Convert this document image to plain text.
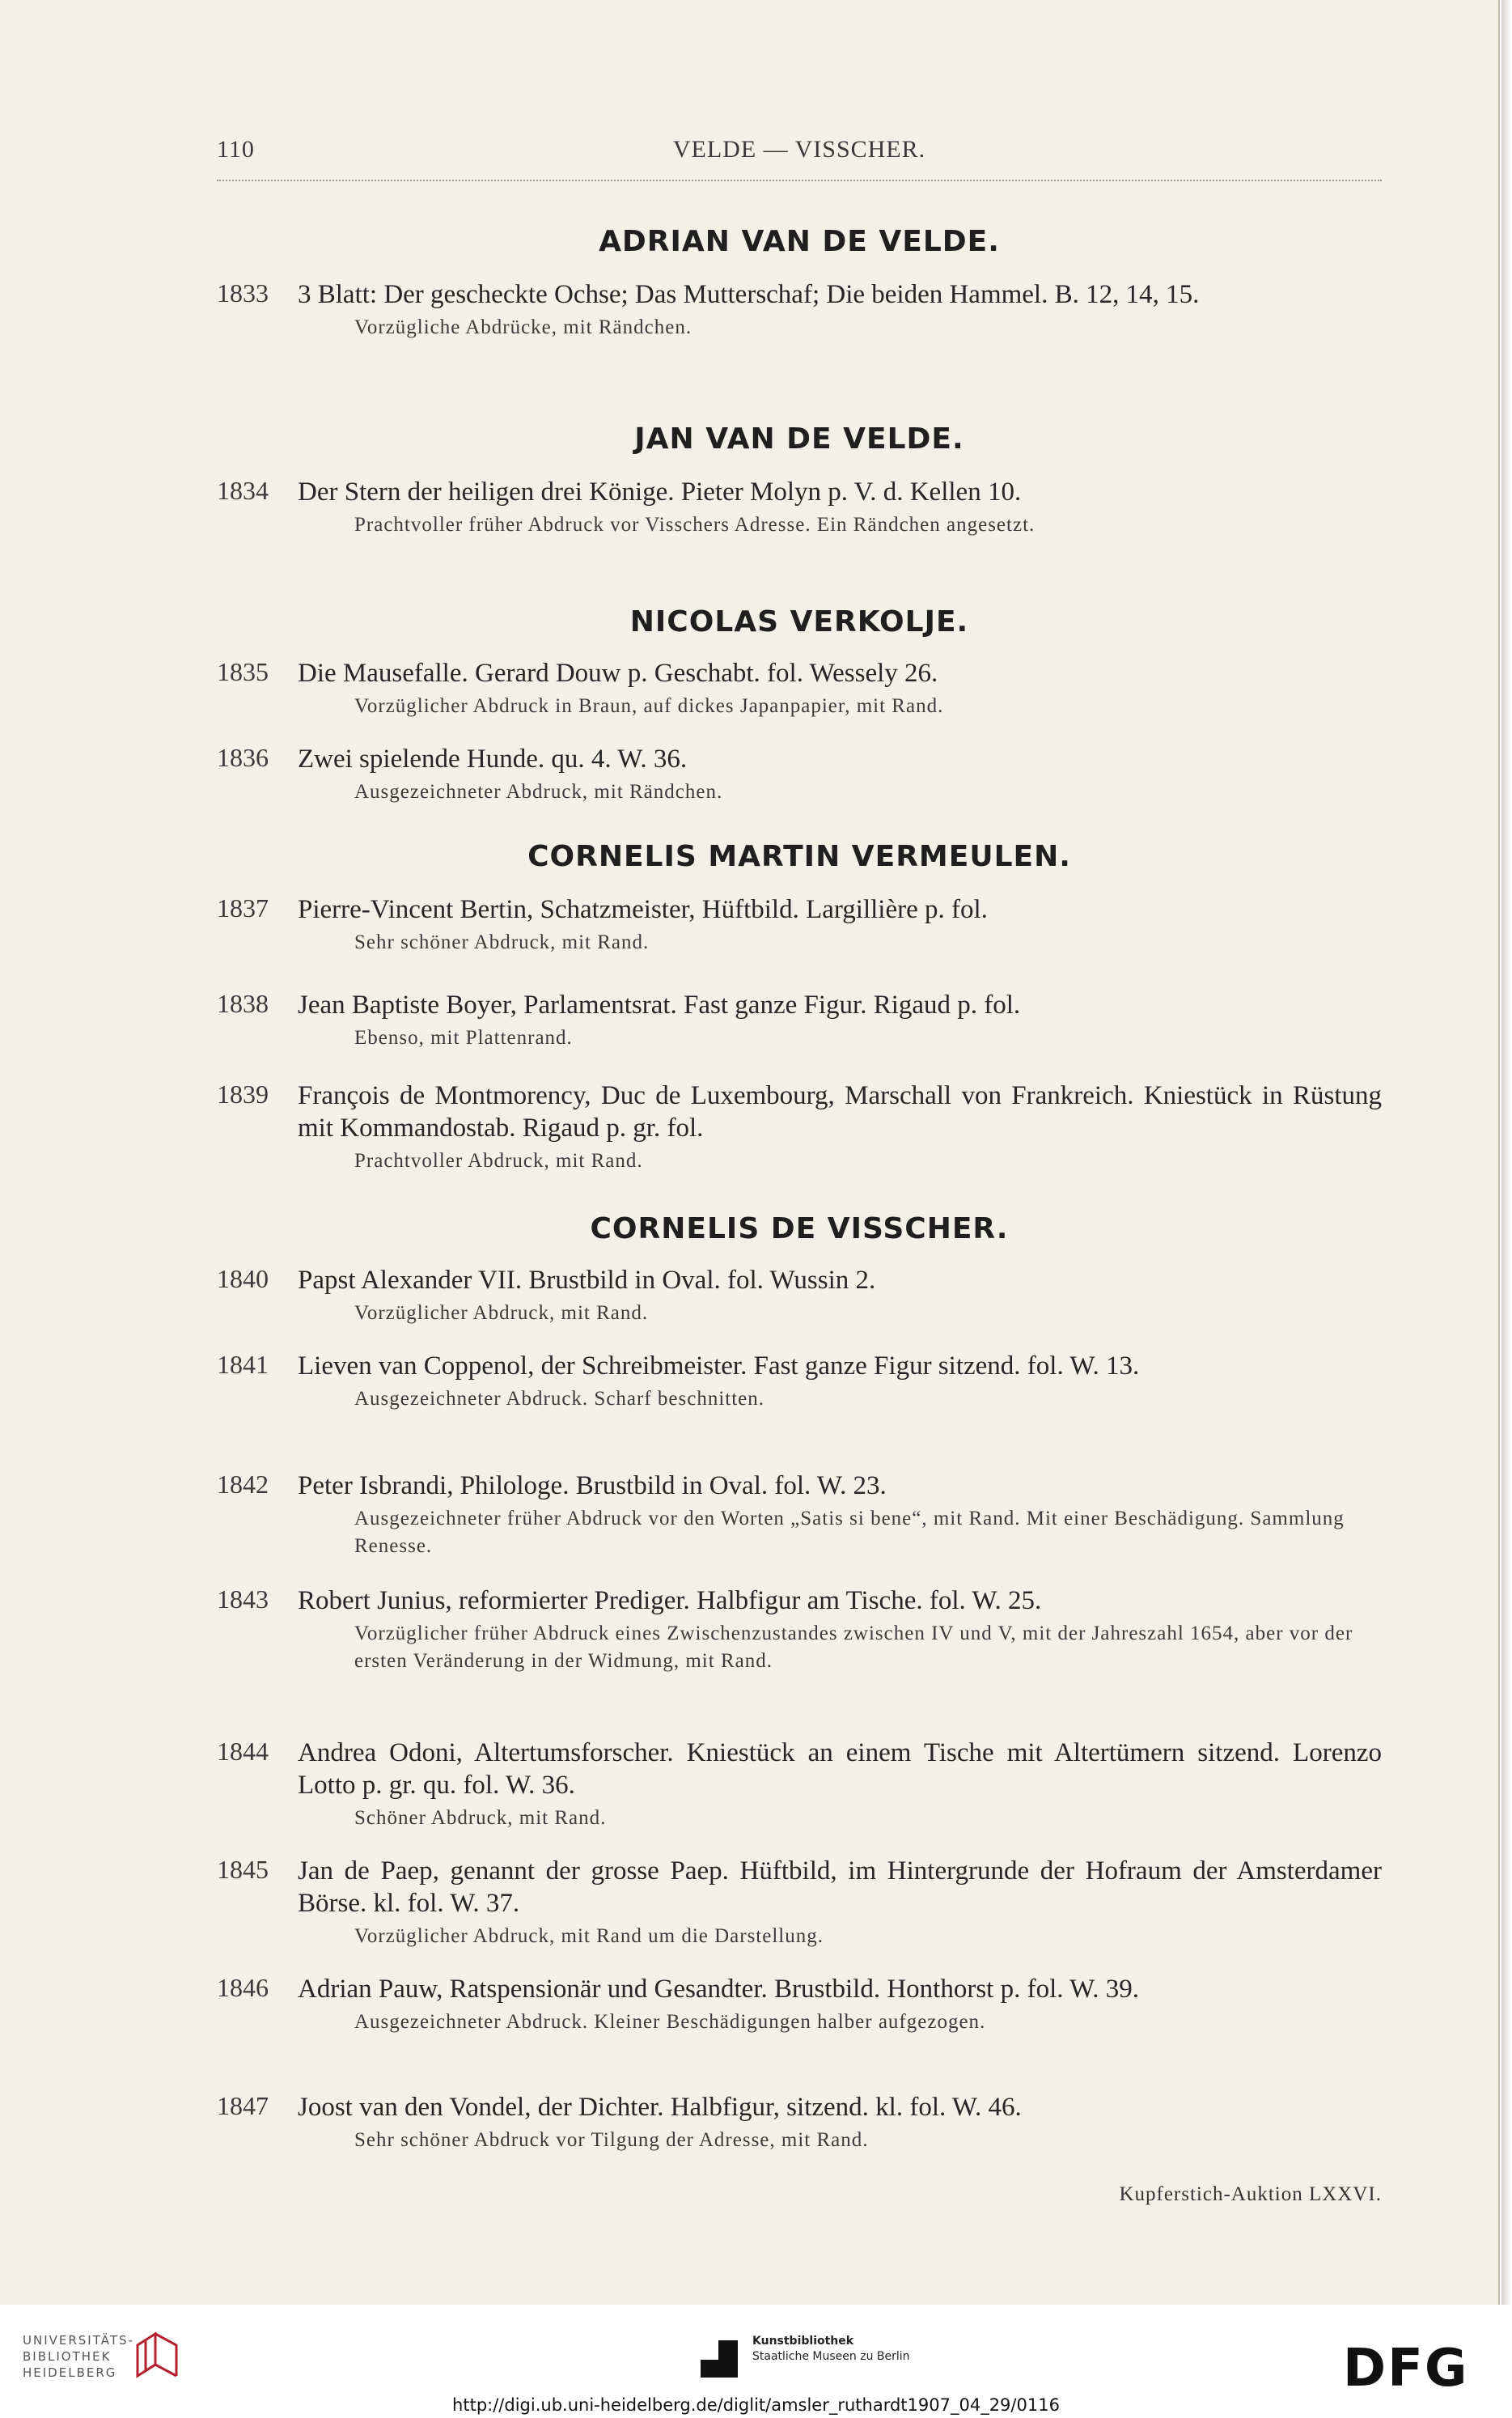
110	VELDE — VISSCHER.
ADRIAN VAN DE VELDE.
1833 3 Blatt: Der gescheckte Ochse; Das Mutterschaf; Die beiden Hammel. B. 12, 14, 15.
Vorzügliche Abdrücke, mit Rändchen.
JAN VAN DE VELDE.
1834 Der Stern der heiligen drei Könige. Pieter Molyn p. V. d. Kellen 10.
Prachtvoller früher Abdruck vor Visschers Adresse. Ein Rändchen angesetzt.
NICOLAS VERKOLJE.
1835 Die Mausefalle. Gerard Douw p. Geschabt. fol. Wessely 26.
Vorzüglicher Abdruck in Braun, auf dickes Japanpapier, mit Rand.
1836 Zwei spielende Hunde. qu. 4. W. 36.
Ausgezeichneter Abdruck, mit Rändchen.
CORNELIS MARTIN VERMEULEN.
1837 Pierre-Vincent Bertin, Schatzmeister, Hüftbild. Largillière p. fol.
Sehr schöner Abdruck, mit Rand.
1838 Jean Baptiste Boyer, Parlamentsrat. Fast ganze Figur. Rigaud p. fol.
Ebenso, mit Plattenrand.
1839 François de Montmorency, Duc de Luxembourg, Marschall von Frankreich. Kniestück in Rüstung mit Kommandostab. Rigaud p. gr. fol.
Prachtvoller Abdruck, mit Rand.
CORNELIS DE VISSCHER.
1840 Papst Alexander VII. Brustbild in Oval. fol. Wussin 2.
Vorzüglicher Abdruck, mit Rand.
1841 Lieven van Coppenol, der Schreibmeister. Fast ganze Figur sitzend. fol. W. 13.
Ausgezeichneter Abdruck. Scharf beschnitten.
1842 Peter Isbrandi, Philologe. Brustbild in Oval. fol. W. 23.
Ausgezeichneter früher Abdruck vor den Worten „Satis si bene“, mit Rand. Mit einer Beschädigung. Sammlung Renesse.
1843 Robert Junius, reformierter Prediger. Halbfigur am Tische. fol. W. 25.
Vorzüglicher früher Abdruck eines Zwischenzustandes zwischen IV und V, mit der Jahreszahl 1654, aber vor der ersten Veränderung in der Widmung, mit Rand.
1844 Andrea Odoni, Altertumsforscher. Kniestück an einem Tische mit Altertümern sitzend. Lorenzo Lotto p. gr. qu. fol. W. 36.
Schöner Abdruck, mit Rand.
1845 Jan de Paep, genannt der grosse Paep. Hüftbild, im Hintergrunde der Hofraum der Amsterdamer Börse. kl. fol. W. 37.
Vorzüglicher Abdruck, mit Rand um die Darstellung.
1846 Adrian Pauw, Ratspensionär und Gesandter. Brustbild. Honthorst p. fol. W. 39.
Ausgezeichneter Abdruck. Kleiner Beschädigungen halber aufgezogen.
1847 Joost van den Vondel, der Dichter. Halbfigur, sitzend. kl. fol. W. 46.
Sehr schöner Abdruck vor Tilgung der Adresse, mit Rand.
Kupferstich-Auktion LXXVI.
UNIVERSITÄTS-
BIBLIOTHEK
HEIDELBERG
Kunstbibliothek
Staatliche Museen zu Berlin	DFG
http://digi.ub.uni-heidelberg.de/diglit/amsler_ruthardt1907_04_29/0116
